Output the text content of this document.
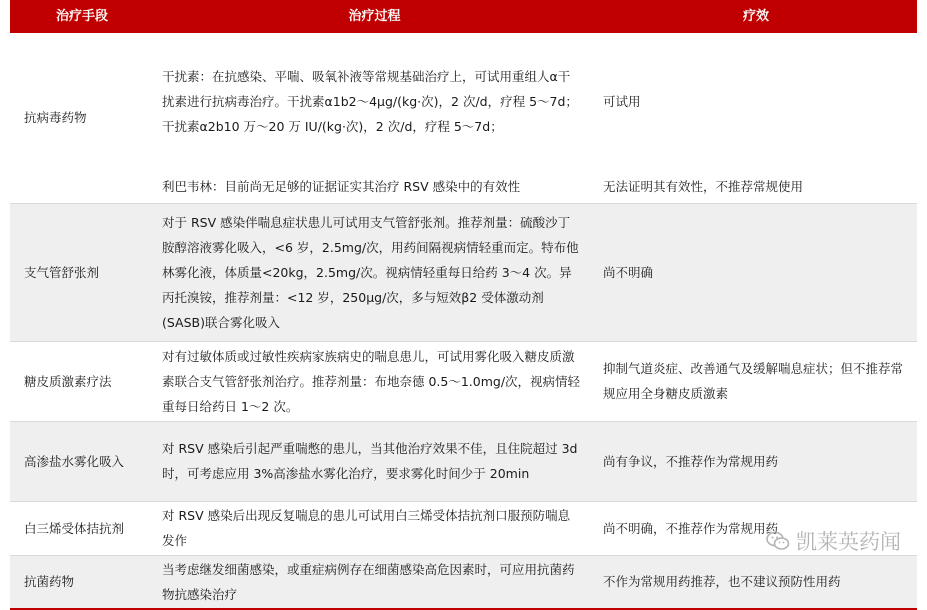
治疗手段	治疗过程	疗效
抗病毒药物	干扰素：在抗感染、平喘、吸氧补液等常规基础治疗上，可试用重组人α干扰素进行抗病毒治疗。干扰素α1b2～4μg/(kg·次)，2 次/d，疗程 5～7d；干扰素α2b10 万～20 万 IU/(kg·次)，2 次/d，疗程 5～7d；	可试用
	利巴韦林：目前尚无足够的证据证实其治疗 RSV 感染中的有效性	无法证明其有效性，不推荐常规使用
支气管舒张剂	对于 RSV 感染伴喘息症状患儿可试用支气管舒张剂。推荐剂量：硫酸沙丁胺醇溶液雾化吸入，<6 岁，2.5mg/次，用药间隔视病情轻重而定。特布他林雾化液，体质量<20kg，2.5mg/次。视病情轻重每日给药 3～4 次。异丙托溴铵，推荐剂量：<12 岁，250μg/次，多与短效β2 受体激动剂(SASB)联合雾化吸入	尚不明确
糖皮质激素疗法	对有过敏体质或过敏性疾病家族病史的喘息患儿，可试用雾化吸入糖皮质激素联合支气管舒张剂治疗。推荐剂量：布地奈德 0.5～1.0mg/次，视病情轻重每日给药日 1～2 次。	抑制气道炎症、改善通气及缓解喘息症状；但不推荐常规应用全身糖皮质激素
高渗盐水雾化吸入	对 RSV 感染后引起严重喘憋的患儿，当其他治疗效果不佳，且住院超过 3d 时，可考虑应用 3%高渗盐水雾化治疗，要求雾化时间少于 20min	尚有争议，不推荐作为常规用药
白三烯受体拮抗剂	对 RSV 感染后出现反复喘息的患儿可试用白三烯受体拮抗剂口服预防喘息发作	尚不明确，不推荐作为常规用药
抗菌药物	当考虑继发细菌感染，或重症病例存在细菌感染高危因素时，可应用抗菌药物抗感染治疗	不作为常规用药推荐，也不建议预防性用药
凯莱英药闻
